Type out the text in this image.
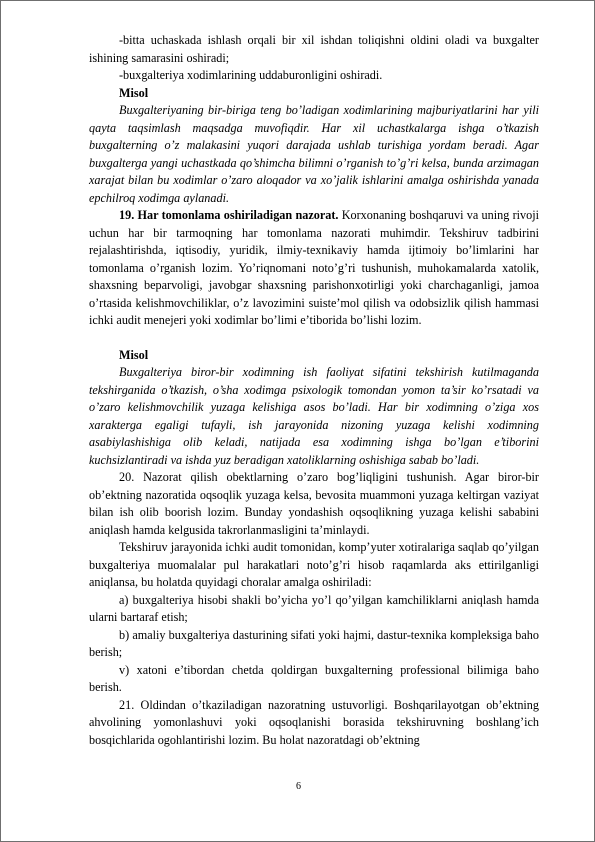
-bitta uchaskada ishlash orqali bir xil ishdan toliqishni oldini oladi va buxgalter ishining samarasini oshiradi;

-buxgalteriya xodimlarining uddaburonligini oshiradi.

Misol

Buxgalteriyaning bir-biriga teng bo’ladigan xodimlarining majburiyatlarini har yili qayta taqsimlash maqsadga muvofiqdir. Har xil uchastkalarga ishga o’tkazish buxgalterning o’z malakasini yuqori darajada ushlab turishiga yordam beradi. Agar buxgalterga yangi uchastkada qo’shimcha bilimni o’rganish to’g’ri kelsa, bunda arzimagan xarajat bilan bu xodimlar o’zaro aloqador va xo’jalik ishlarini amalga oshirishda yanada epchilroq xodimga aylanadi.

19. Har tomonlama oshiriladigan nazorat. Korxonaning boshqaruvi va uning rivoji uchun har bir tarmoqning har tomonlama nazorati muhimdir. Tekshiruv tadbirini rejalashtirishda, iqtisodiy, yuridik, ilmiy-texnikaviy hamda ijtimoiy bo’limlarini har tomonlama o’rganish lozim. Yo’riqnomani noto’g’ri tushunish, muhokamalarda xatolik, shaxsning beparvoligi, javobgar shaxsning parishonxotirligi yoki charchaganligi, jamoa o’rtasida kelishmovchiliklar, o’z lavozimini suiste’mol qilish va odobsizlik qilish hammasi ichki audit menejeri yoki xodimlar bo’limi e’tiborida bo’lishi lozim.

Misol

Buxgalteriya biror-bir xodimning ish faoliyat sifatini tekshirish kutilmaganda tekshirganida o’tkazish, o’sha xodimga psixologik tomondan yomon ta’sir ko’rsatadi va o’zaro kelishmovchilik yuzaga kelishiga asos bo’ladi. Har bir xodimning o’ziga xos xarakterga egaligi tufayli, ish jarayonida nizoning yuzaga kelishi xodimning asabiylashishiga olib keladi, natijada esa xodimning ishga bo’lgan e’tiborini kuchsizlantiradi va ishda yuz beradigan xatoliklarning oshishiga sabab bo’ladi.

20. Nazorat qilish obektlarning o’zaro bog’liqligini tushunish. Agar biror-bir ob’ektning nazoratida oqsoqlik yuzaga kelsa, bevosita muammoni yuzaga keltirgan vaziyat bilan ish olib boorish lozim. Bunday yondashish oqsoqlikning yuzaga kelishi sababini aniqlash hamda kelgusida takrorlanmasligini ta’minlaydi.

Tekshiruv jarayonida ichki audit tomonidan, komp’yuter xotiralariga saqlab qo’yilgan buxgalteriya muomalalar pul harakatlari noto’g’ri hisob raqamlarda aks ettirilganligi aniqlansa, bu holatda quyidagi choralar amalga oshiriladi:

a) buxgalteriya hisobi shakli bo’yicha yo’l qo’yilgan kamchiliklarni aniqlash hamda ularni bartaraf etish;

b) amaliy buxgalteriya dasturining sifati yoki hajmi, dastur-texnika kompleksiga baho berish;

v) xatoni e’tibordan chetda qoldirgan buxgalterning professional bilimiga baho berish.

21. Oldindan o’tkaziladigan nazoratning ustuvorligi. Boshqarilayotgan ob’ektning ahvolining yomonlashuvi yoki oqsoqlanishi borasida tekshiruvning boshlang’ich bosqichlarida ogohlantirishi lozim. Bu holat nazoratdagi ob’ektning

6
